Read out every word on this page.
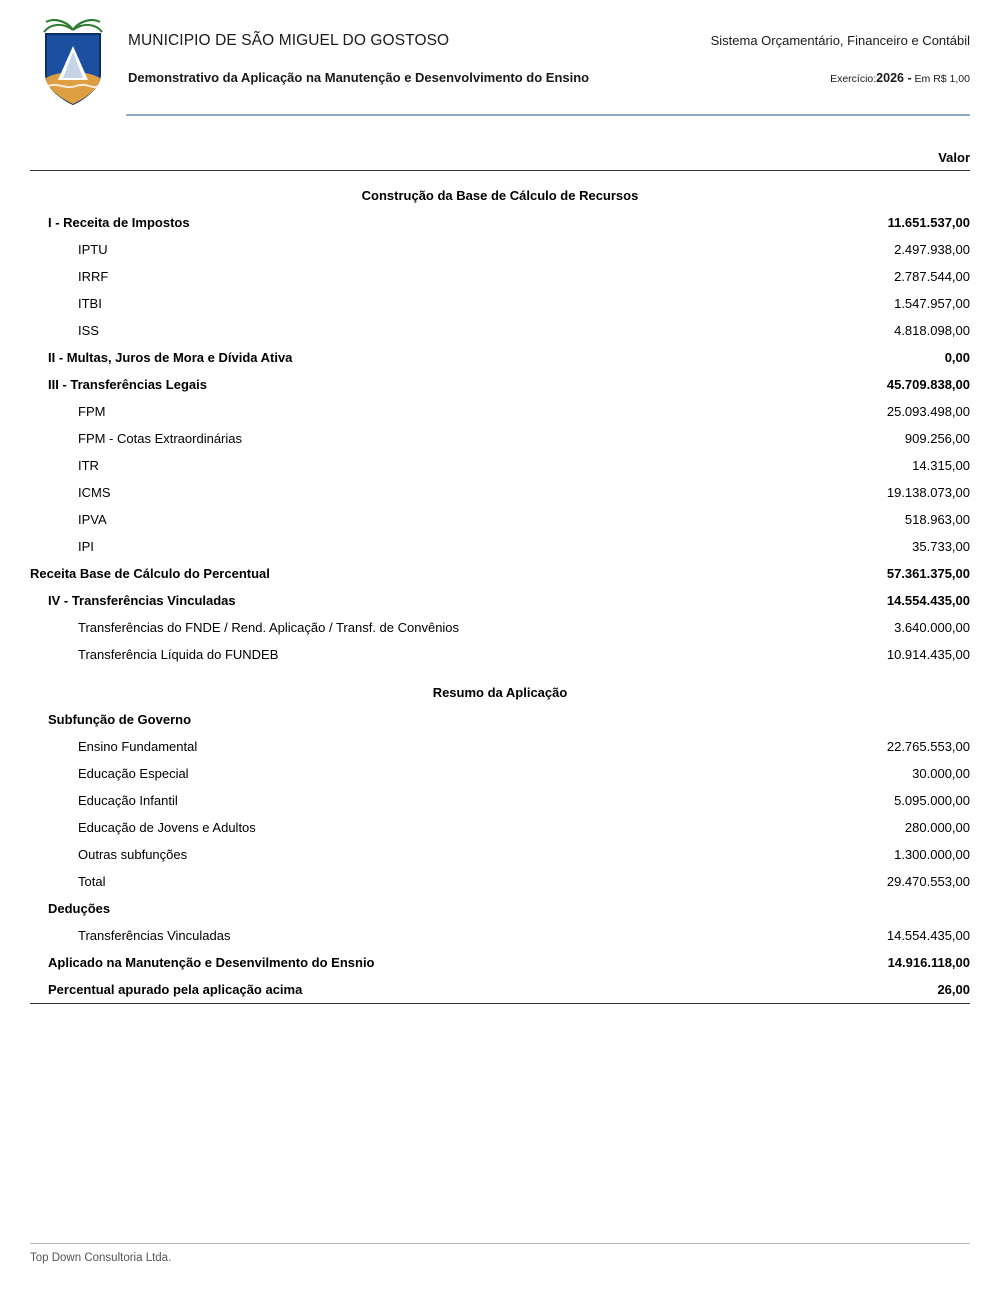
MUNICIPIO DE SÃO MIGUEL DO GOSTOSO	Sistema Orçamentário, Financeiro e Contábil
Demonstrativo da Aplicação na Manutenção e Desenvolvimento do Ensino	Exercício:2026 - Em R$ 1,00
	Valor
Construção da Base de Cálculo de Recursos	
I - Receita de Impostos	11.651.537,00
IPTU	2.497.938,00
IRRF	2.787.544,00
ITBI	1.547.957,00
ISS	4.818.098,00
II - Multas, Juros de Mora e Dívida Ativa	0,00
III - Transferências Legais	45.709.838,00
FPM	25.093.498,00
FPM - Cotas Extraordinárias	909.256,00
ITR	14.315,00
ICMS	19.138.073,00
IPVA	518.963,00
IPI	35.733,00
Receita Base de Cálculo do Percentual	57.361.375,00
IV - Transferências Vinculadas	14.554.435,00
Transferências do FNDE / Rend. Aplicação / Transf. de Convênios	3.640.000,00
Transferência Líquida do FUNDEB	10.914.435,00
Resumo da Aplicação	
Subfunção de Governo	
Ensino Fundamental	22.765.553,00
Educação Especial	30.000,00
Educação Infantil	5.095.000,00
Educação de Jovens e Adultos	280.000,00
Outras subfunções	1.300.000,00
Total	29.470.553,00
Deduções	
Transferências Vinculadas	14.554.435,00
Aplicado na Manutenção e Desenvilmento do Ensnio	14.916.118,00
Percentual apurado pela aplicação acima	26,00

Top Down Consultoria Ltda.
